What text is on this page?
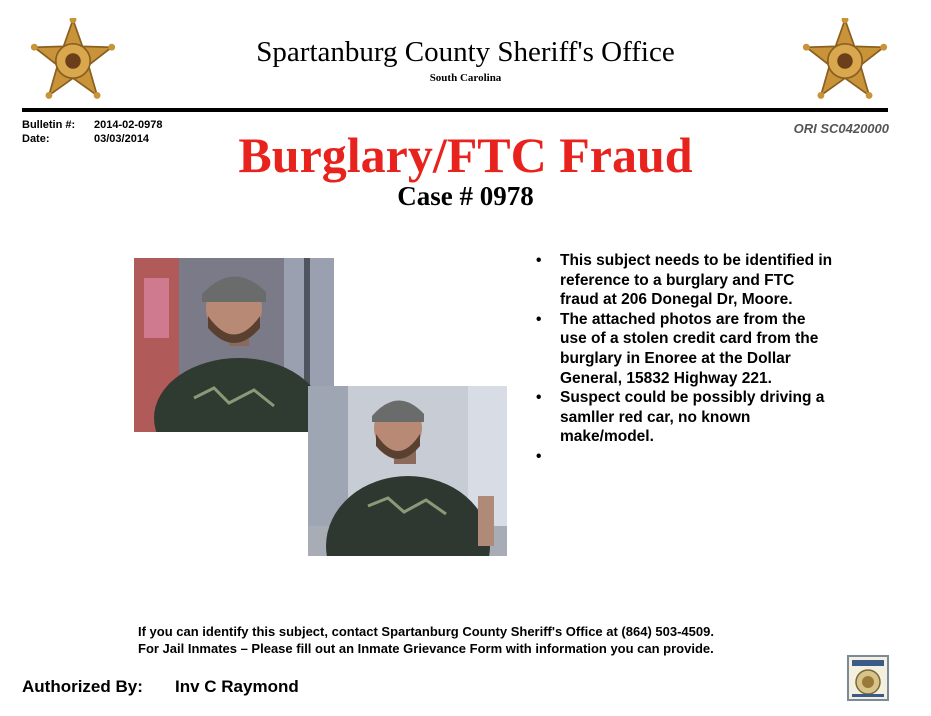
Spartanburg County Sheriff's Office
South Carolina
Bulletin #:	2014-02-0978
Date:	03/03/2014
ORI SC0420000
Burglary/FTC Fraud
Case # 0978
• This subject needs to be identified in reference to a burglary and FTC fraud at 206 Donegal Dr, Moore.
• The attached photos are from the use of a stolen credit card from the burglary in Enoree at the Dollar General, 15832 Highway 221.
• Suspect could be possibly driving a samller red car, no known make/model.
•
If you can identify this subject, contact Spartanburg County Sheriff's Office at (864) 503-4509.
For Jail Inmates – Please fill out an Inmate Grievance Form with information you can provide.
Authorized By: Inv C Raymond
